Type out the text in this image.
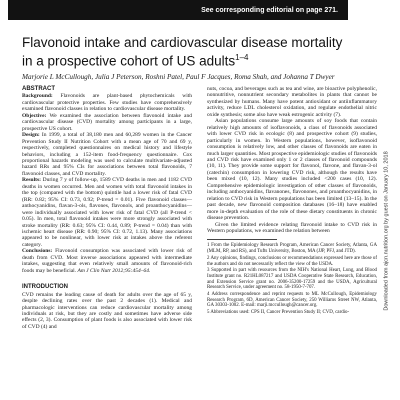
See corresponding editorial on page 271.
Flavonoid intake and cardiovascular disease mortality in a prospective cohort of US adults$^{1-4}$
Marjorie L McCullough, Julia J Peterson, Roshni Patel, Paul F Jacques, Roma Shah, and Johanna T Dwyer
ABSTRACT

Background: Flavonoids are plant-based phytochemicals with cardiovascular protective properties. Few studies have comprehensively examined flavonoid classes in relation to cardiovascular disease mortality.

Objective: We examined the association between flavonoid intake and cardiovascular disease (CVD) mortality among participants in a large, prospective US cohort.

Design: In 1999, a total of 38,180 men and 60,289 women in the Cancer Prevention Study II Nutrition Cohort with a mean age of 70 and 69 y, respectively, completed questionnaires on medical history and lifestyle behaviors, including a 152-item food-frequency questionnaire. Cox proportional hazards modeling was used to calculate multivariate-adjusted hazard RRs and 95% CIs for associations between total flavonoids, 7 flavonoid classes, and CVD mortality.

Results: During 7 y of follow-up, 1589 CVD deaths in men and 1182 CVD deaths in women occurred. Men and women with total flavonoid intakes in the top (compared with the bottom) quintile had a lower risk of fatal CVD (RR: 0.82; 95% CI: 0.73, 0.92; P-trend = 0.01). Five flavonoid classes—anthocyanidins, flavan-3-ols, flavones, flavonols, and proanthocyanidins—were individually associated with lower risk of fatal CVD (all P-trend < 0.05). In men, total flavonoid intakes were more strongly associated with stroke mortality (RR: 0.63; 95% CI: 0.44, 0.89; P-trend = 0.04) than with ischemic heart disease (RR: 0.90; 95% CI: 0.72, 1.13). Many associations appeared to be nonlinear, with lower risk at intakes above the referent category.

Conclusions: Flavonoid consumption was associated with lower risk of death from CVD. Most inverse associations appeared with intermediate intakes, suggesting that even relatively small amounts of flavonoid-rich foods may be beneficial. Am J Clin Nutr 2012;95:454–64.

INTRODUCTION

CVD remains the leading cause of death for adults over the age of 65 y, despite declining rates over the past 2 decades (1). Medical and pharmacologic interventions can reduce cardiovascular mortality among individuals at risk, but they are costly and sometimes have adverse side effects (2, 3). Consumption of plant foods is also associated with lower risk of CVD (4) and

nuts, cocoa, and beverages such as tea and wine, are bioactive polyphenolic, nonnutritive, nonnutrient secondary metabolites in plants that cannot be synthesized by humans. Many have potent antioxidant or antiinflammatory activity, reduce LDL cholesterol oxidation, and regulate endothelial nitric oxide synthesis; some also have weak estrogenic activity (7).

Asian populations consume large amounts of soy foods that contain relatively high amounts of isoflavonoids, a class of flavonoids associated with lower CVD risk in ecologic (8) and prospective cohort (9) studies, particularly in women. In Western populations, however, isoflavonoid consumption is relatively low, and other classes of flavonoids are eaten in much larger quantities. Most prospective epidemiologic studies of flavonoids and CVD risk have examined only 1 or 2 classes of flavonoid compounds (10, 11). They provide some support for flavonol, flavone, and flavan-3-ol (catechin) consumption in lowering CVD risk, although the results have been mixed (10, 12). Many studies included <200 cases (10, 12). Comprehensive epidemiologic investigation of other classes of flavonoids, including anthocyanidins, flavanones, flavonones, and proanthocyanidins, in relation to CVD risk in Western populations has been limited (13–15). In the past decade, new flavonoid composition databases (16–18) have enabled more in-depth evaluation of the role of these dietary constituents in chronic disease prevention.

Given the limited evidence relating flavonoid intake to CVD risk in Western populations, we examined the relation between

1 From the Epidemiology Research Program, American Cancer Society, Atlanta, GA (MLM, RP, and RS), and Tufts University, Boston, MA (JJP, PFJ, and JTD).

2 Any opinions, findings, conclusions or recommendations expressed here are those of the authors and do not necessarily reflect the view of the USDA.

3 Supported in part with resources from the NIH's National Heart, Lung, and Blood Institute grant no. R21HL087217 and USDA Cooperative State Research, Education, and Extension Service grant no. 2006-35200-17259 and the USDA, Agricultural Research Service, under agreement no. 58-1950-7-707.

4 Address correspondence and reprint requests to ML McCullough, Epidemiology Research Program, 6D, American Cancer Society, 250 Williams Street NW, Atlanta, GA 30303-1002. E-mail: marji.mccullough@cancer.org.

5 Abbreviations used: CPS II, Cancer Prevention Study II; CVD, cardio-

Downloaded from ajcn.nutrition.org by guest on January 10, 2018
